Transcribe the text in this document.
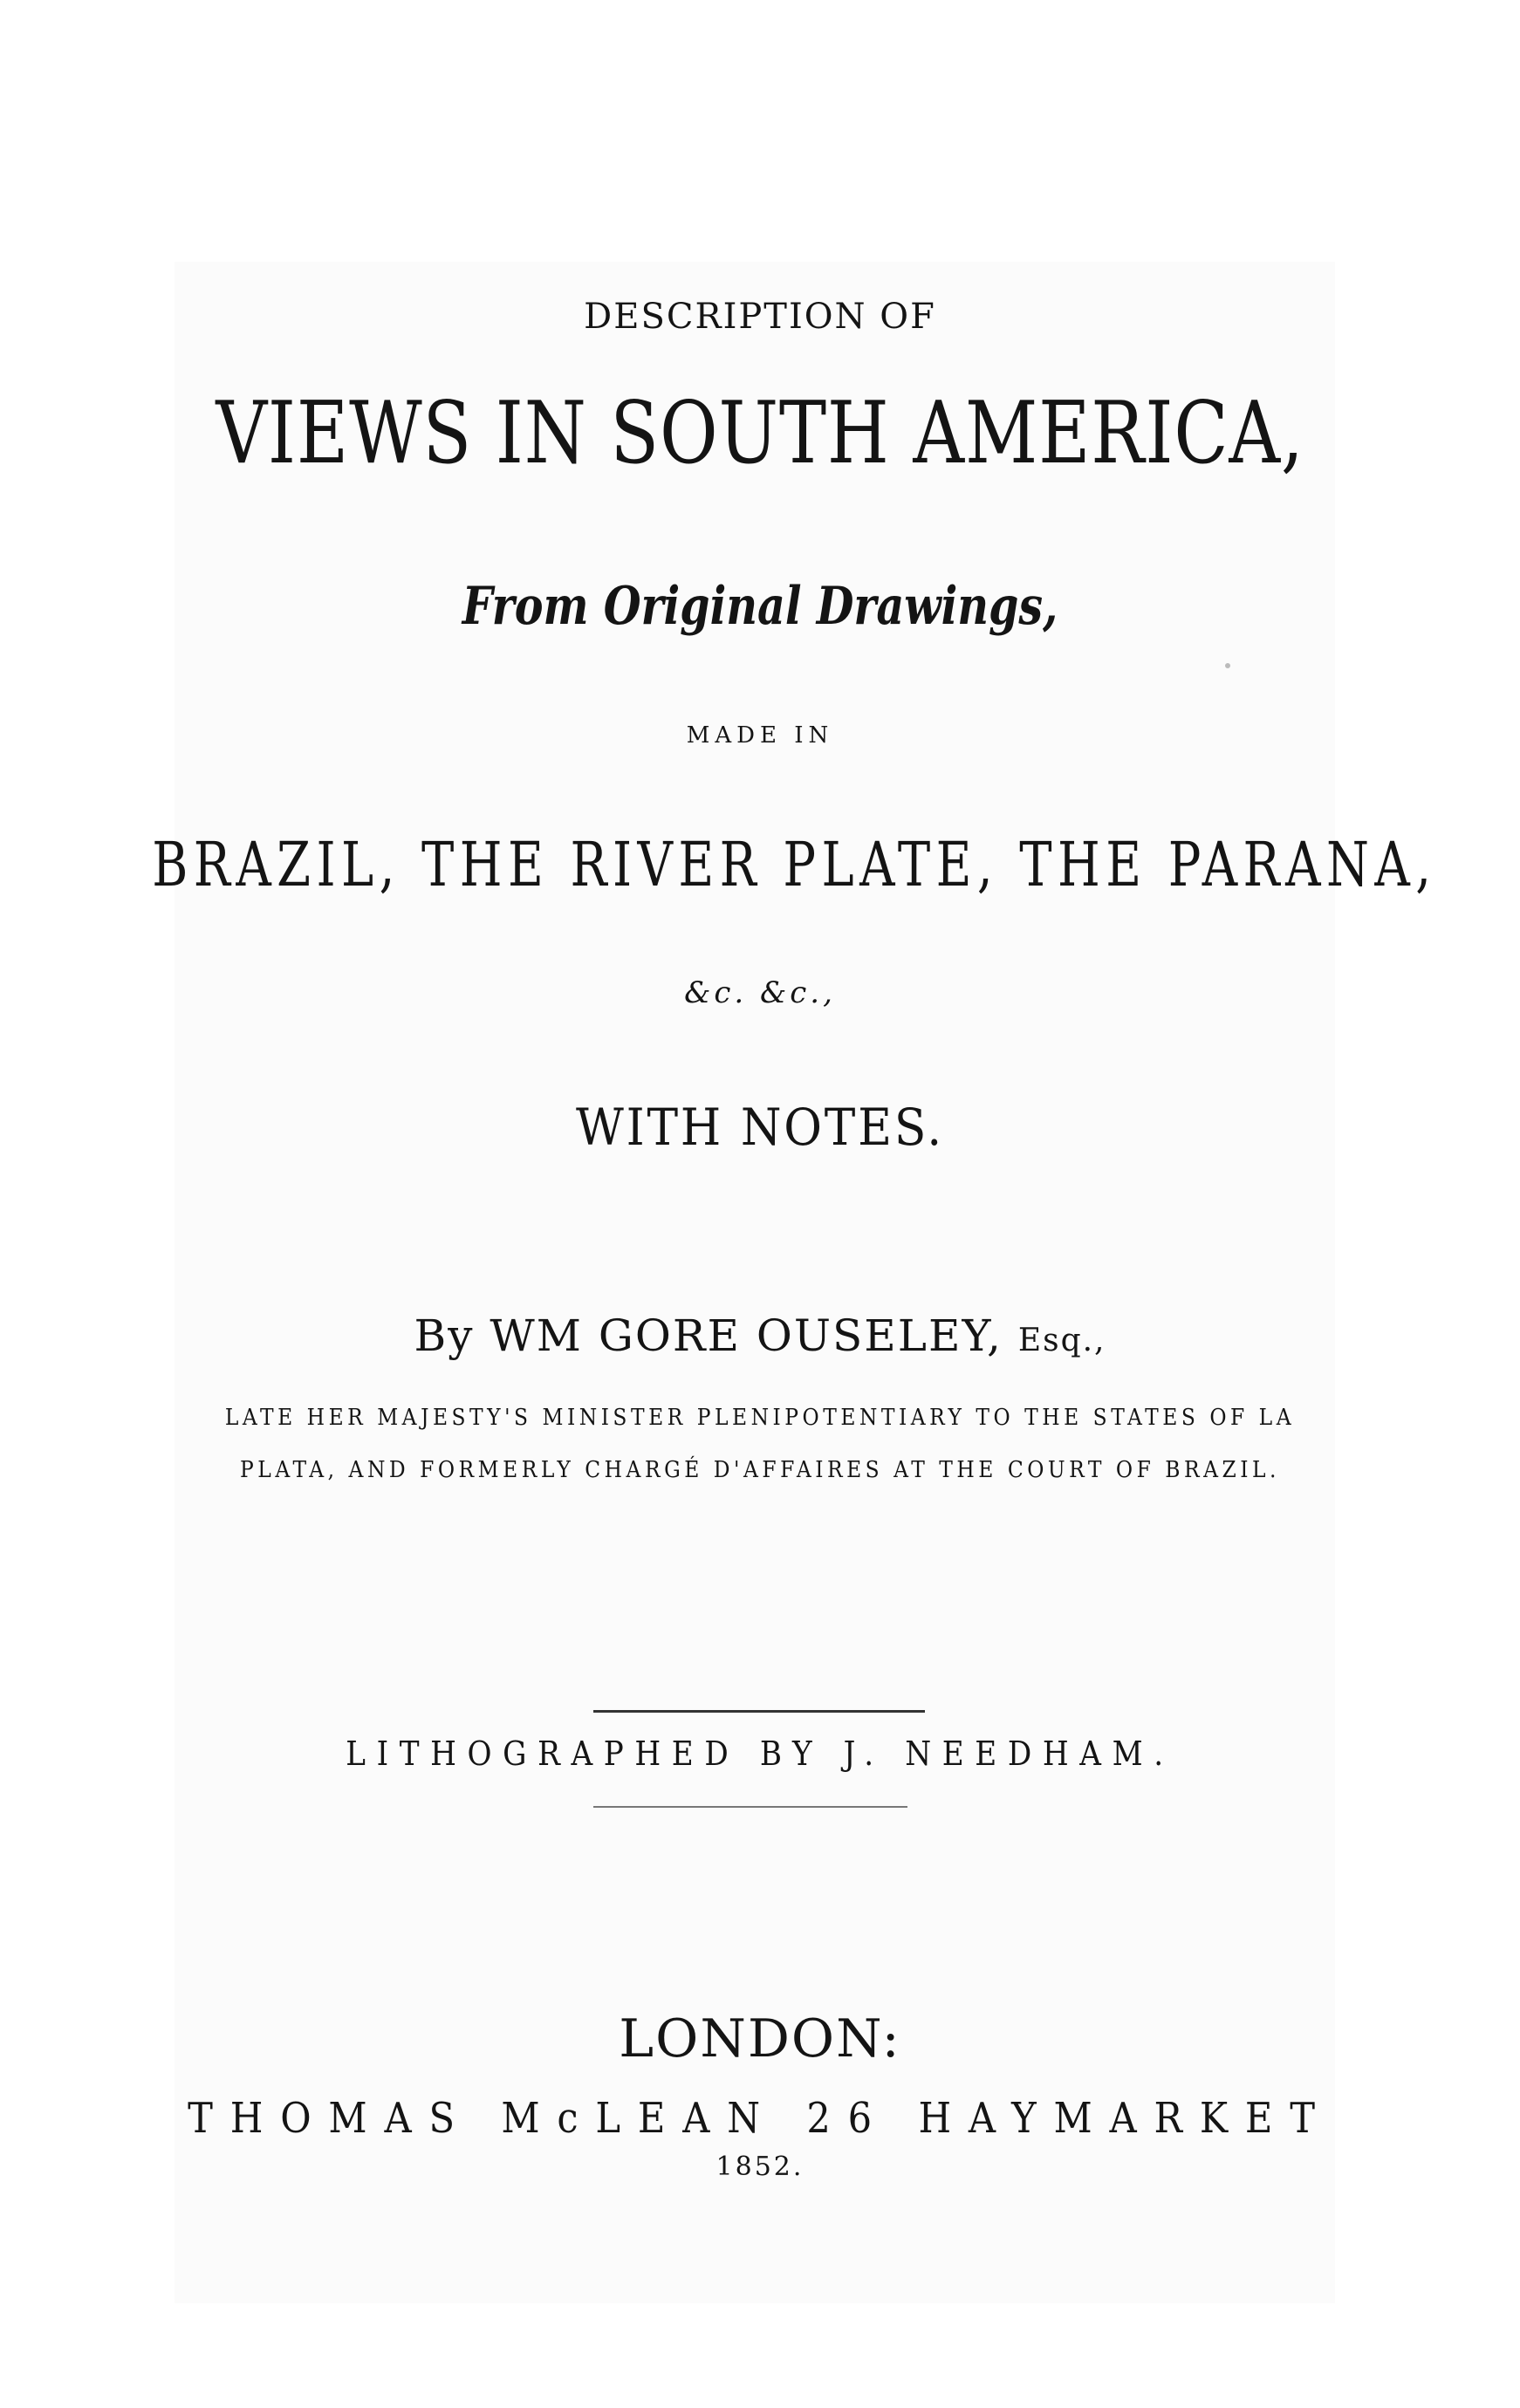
DESCRIPTION OF
VIEWS IN SOUTH AMERICA,

From Original Drawings,

MADE IN

BRAZIL, THE RIVER PLATE, THE PARANA,

&c. &c.,

WITH NOTES.

By WM GORE OUSELEY, Esq.,

LATE HER MAJESTY'S MINISTER PLENIPOTENTIARY TO THE STATES OF LA

PLATA, AND FORMERLY CHARGÉ D'AFFAIRES AT THE COURT OF BRAZIL.

LITHOGRAPHED BY J. NEEDHAM.

LONDON:

THOMAS McLEAN 26 HAYMARKET

1852.
